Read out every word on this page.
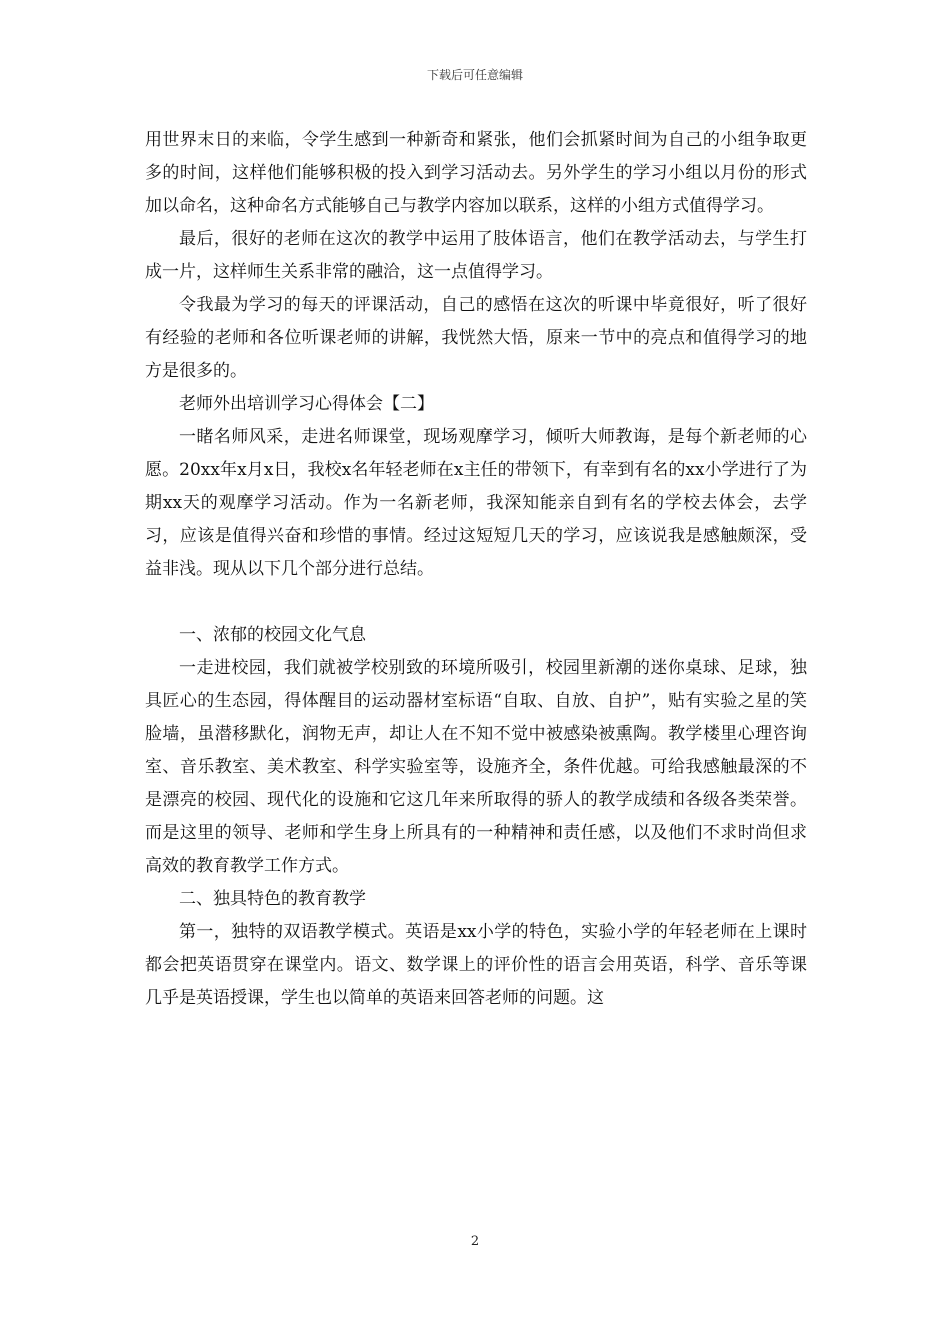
下载后可任意编辑

用世界末日的来临，令学生感到一种新奇和紧张，他们会抓紧时间为自己的小组争取更多的时间，这样他们能够积极的投入到学习活动去。另外学生的学习小组以月份的形式加以命名，这种命名方式能够自己与教学内容加以联系，这样的小组方式值得学习。

最后，很好的老师在这次的教学中运用了肢体语言，他们在教学活动去，与学生打成一片，这样师生关系非常的融洽，这一点值得学习。

令我最为学习的每天的评课活动，自己的感悟在这次的听课中毕竟很好，听了很好有经验的老师和各位听课老师的讲解，我恍然大悟，原来一节中的亮点和值得学习的地方是很多的。

老师外出培训学习心得体会【二】

一睹名师风采，走进名师课堂，现场观摩学习，倾听大师教诲，是每个新老师的心愿。20xx年x月x日，我校x名年轻老师在x主任的带领下，有幸到有名的xx小学进行了为期xx天的观摩学习活动。作为一名新老师，我深知能亲自到有名的学校去体会，去学习，应该是值得兴奋和珍惜的事情。经过这短短几天的学习，应该说我是感触颇深，受益非浅。现从以下几个部分进行总结。

一、浓郁的校园文化气息

一走进校园，我们就被学校别致的环境所吸引，校园里新潮的迷你桌球、足球，独具匠心的生态园，得体醒目的运动器材室标语“自取、自放、自护”，贴有实验之星的笑脸墙，虽潜移默化，润物无声，却让人在不知不觉中被感染被熏陶。教学楼里心理咨询室、音乐教室、美术教室、科学实验室等，设施齐全，条件优越。可给我感触最深的不是漂亮的校园、现代化的设施和它这几年来所取得的骄人的教学成绩和各级各类荣誉。而是这里的领导、老师和学生身上所具有的一种精神和责任感，以及他们不求时尚但求高效的教育教学工作方式。

二、独具特色的教育教学

第一，独特的双语教学模式。英语是xx小学的特色，实验小学的年轻老师在上课时都会把英语贯穿在课堂内。语文、数学课上的评价性的语言会用英语，科学、音乐等课几乎是英语授课，学生也以简单的英语来回答老师的问题。这

2
